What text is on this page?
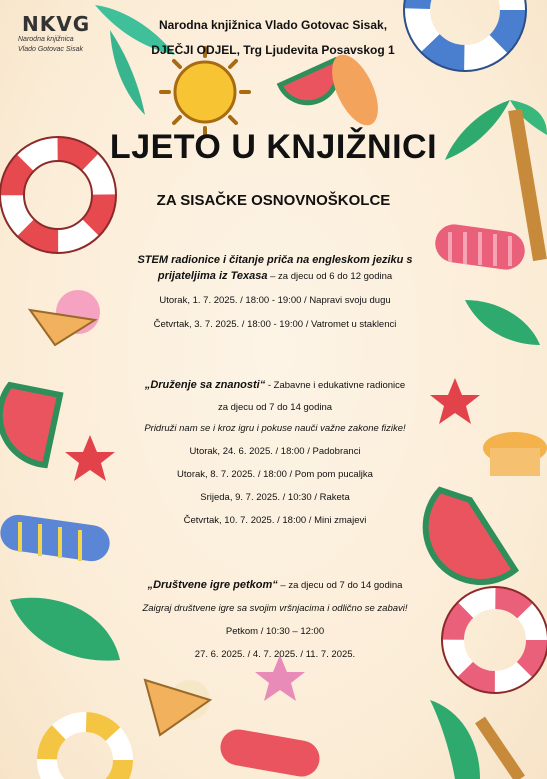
NKVG
Narodna knjižnica
Vlado Gotovac Sisak
Narodna knjižnica Vlado Gotovac Sisak,
DJEČJI ODJEL, Trg Ljudevita Posavskog 1
LJETO U KNJIŽNICI
ZA SISAČKE OSNOVNOŠKOLCE
STEM radionice i čitanje priča na engleskom jeziku s prijateljima iz Texasa – za djecu od 6 do 12 godina
Utorak, 1. 7. 2025. / 18:00 - 19:00 / Napravi svoju dugu
Četvrtak, 3. 7. 2025. / 18:00 - 19:00 / Vatromet u staklenci
„Druženje sa znanosti“ - Zabavne i edukativne radionice
za djecu od 7 do 14 godina
Pridruži nam se i kroz igru i pokuse nauči važne zakone fizike!
Utorak, 24. 6. 2025. / 18:00 / Padobranci
Utorak, 8. 7. 2025. / 18:00 / Pom pom pucaljka
Srijeda, 9. 7. 2025. / 10:30 / Raketa
Četvrtak, 10. 7. 2025. / 18:00 / Mini zmajevi
„Društvene igre petkom“ – za djecu od 7 do 14 godina
Zaigraj društvene igre sa svojim vršnjacima i odlično se zabavi!
Petkom / 10:30 – 12:00
27. 6. 2025. / 4. 7. 2025. / 11. 7. 2025.
